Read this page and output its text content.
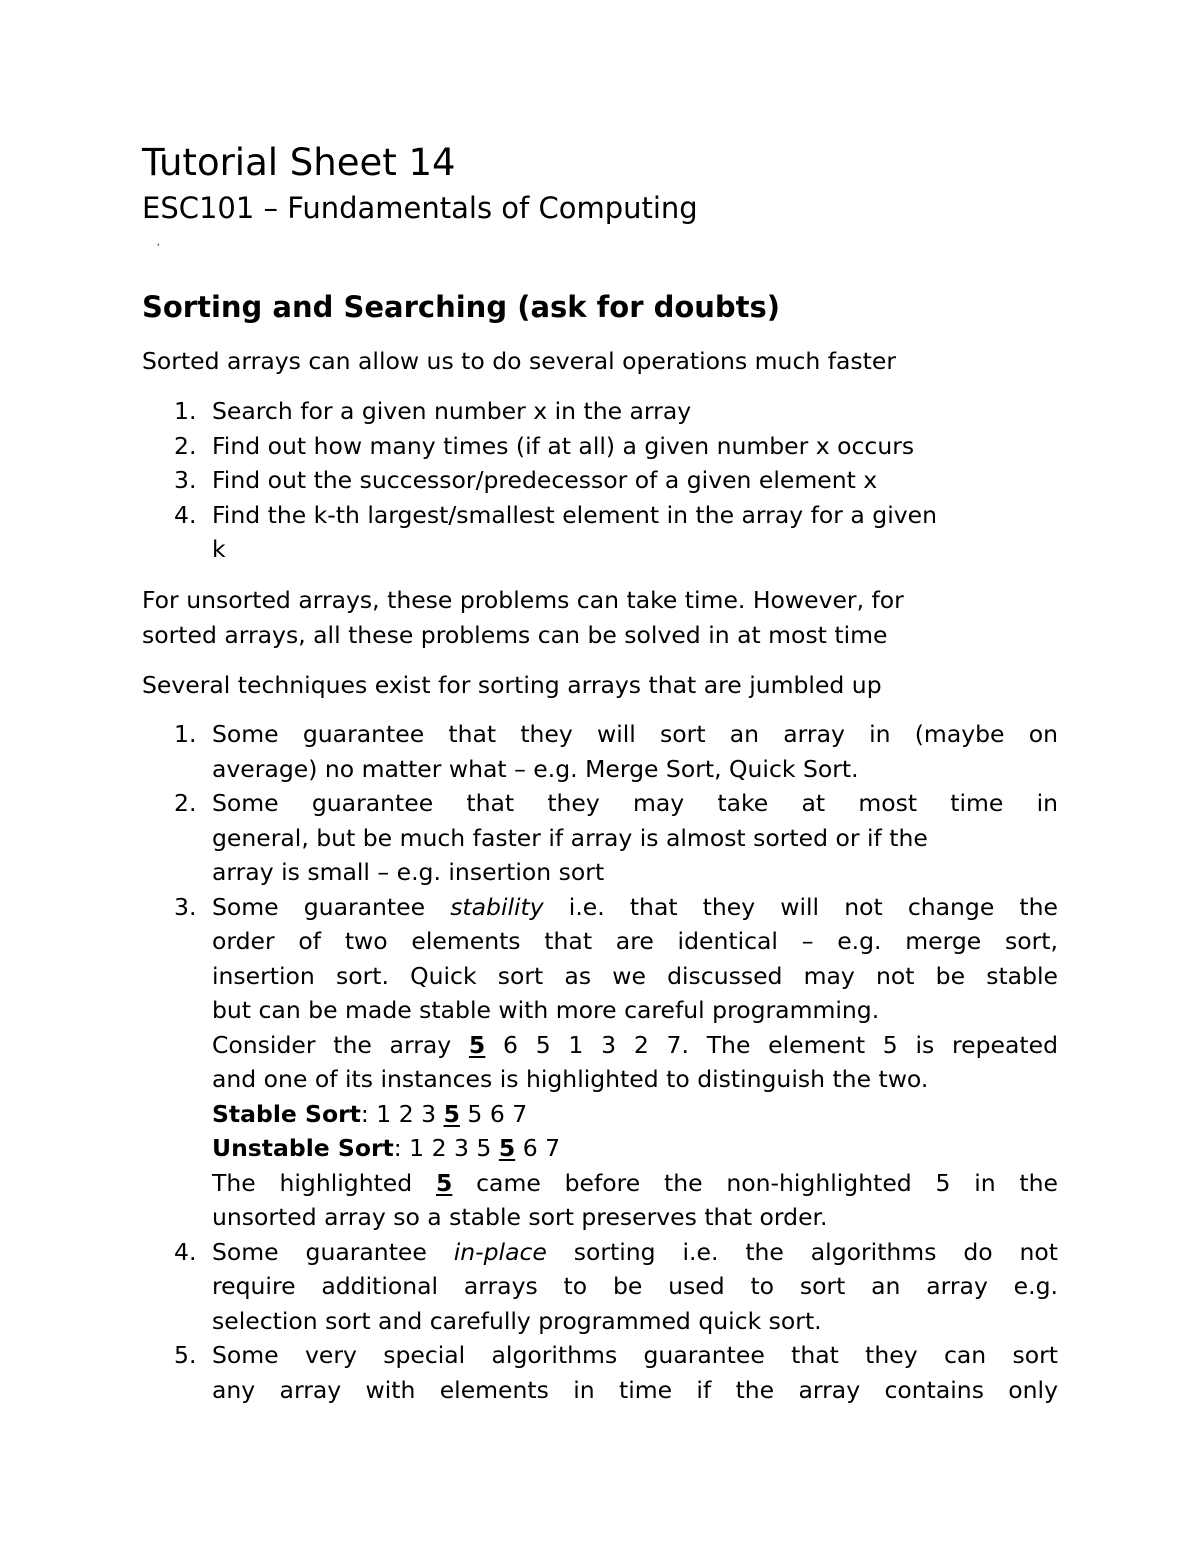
Tutorial Sheet 14
ESC101 – Fundamentals of Computing
'
Sorting and Searching (ask for doubts)
Sorted arrays can allow us to do several operations much faster
1. Search for a given number x in the array
2. Find out how many times (if at all) a given number x occurs
3. Find out the successor/predecessor of a given element x
4. Find the k-th largest/smallest element in the array for a given
k
For unsorted arrays, these problems can take time. However, for
sorted arrays, all these problems can be solved in at most time
Several techniques exist for sorting arrays that are jumbled up
1. Some guarantee that they will sort an array in (maybe on
average) no matter what – e.g. Merge Sort, Quick Sort.
2. Some guarantee that they may take at most time in
general, but be much faster if array is almost sorted or if the
array is small – e.g. insertion sort
3. Some guarantee stability i.e. that they will not change the
order of two elements that are identical – e.g. merge sort,
insertion sort. Quick sort as we discussed may not be stable
but can be made stable with more careful programming.
Consider the array 5 6 5 1 3 2 7. The element 5 is repeated
and one of its instances is highlighted to distinguish the two.
Stable Sort: 1 2 3 5 5 6 7
Unstable Sort: 1 2 3 5 5 6 7
The highlighted 5 came before the non-highlighted 5 in the
unsorted array so a stable sort preserves that order.
4. Some guarantee in-place sorting i.e. the algorithms do not
require additional arrays to be used to sort an array e.g.
selection sort and carefully programmed quick sort.
5. Some very special algorithms guarantee that they can sort
any array with elements in time if the array contains only
